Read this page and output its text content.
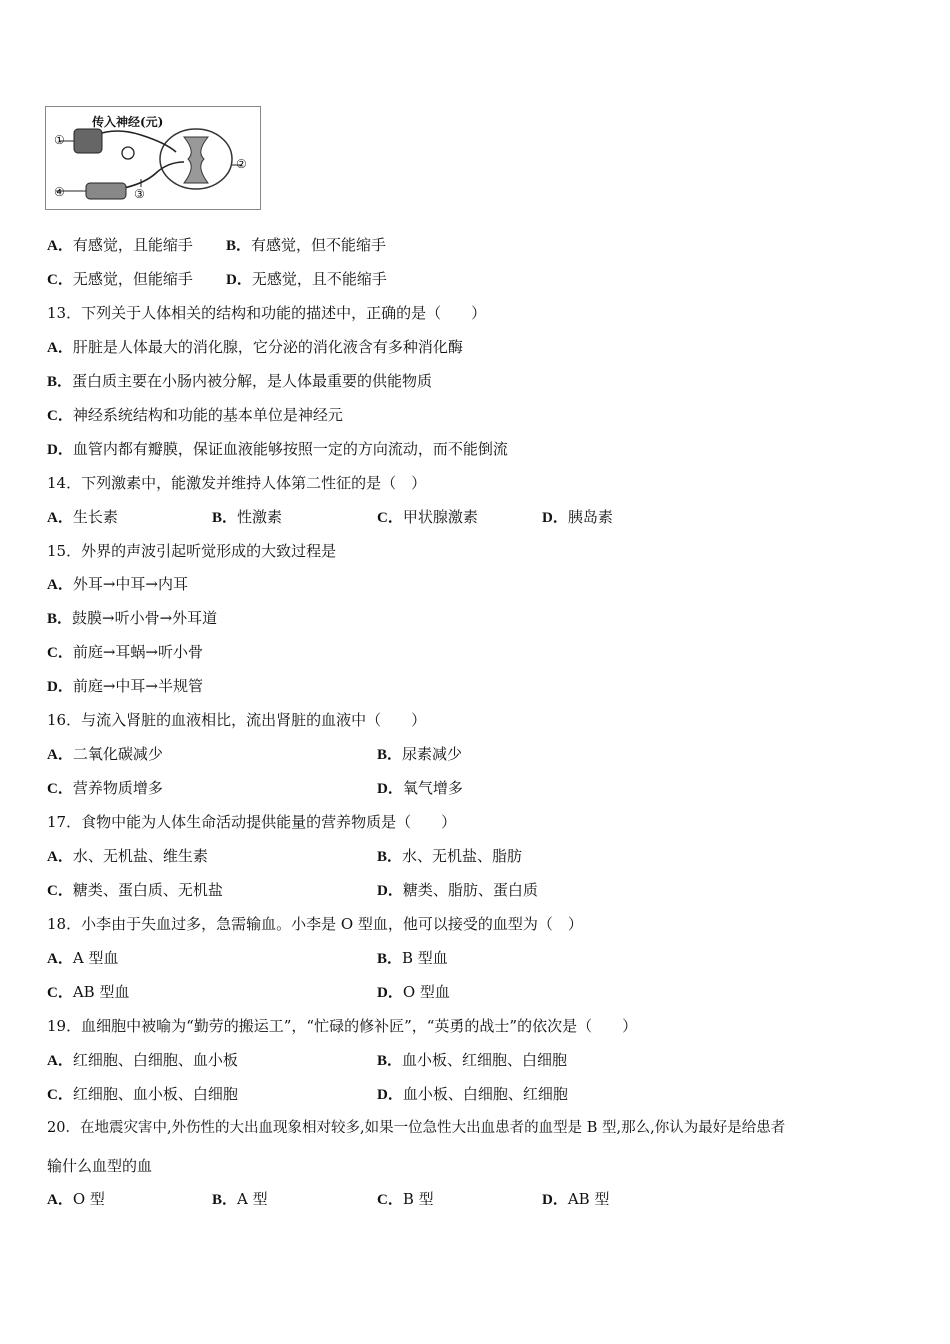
传入神经(元)
①
②
③
④
A．有感觉，且能缩手 B．有感觉，但不能缩手
C．无感觉，但能缩手 D．无感觉，且不能缩手
13．下列关于人体相关的结构和功能的描述中，正确的是（　　）
A．肝脏是人体最大的消化腺，它分泌的消化液含有多种消化酶
B．蛋白质主要在小肠内被分解，是人体最重要的供能物质
C．神经系统结构和功能的基本单位是神经元
D．血管内都有瓣膜，保证血液能够按照一定的方向流动，而不能倒流
14．下列激素中，能激发并维持人体第二性征的是（　）
A．生长素	B．性激素	C．甲状腺激素	D．胰岛素
15．外界的声波引起听觉形成的大致过程是
A．外耳→中耳→内耳
B．鼓膜→听小骨→外耳道
C．前庭→耳蜗→听小骨
D．前庭→中耳→半规管
16．与流入肾脏的血液相比，流出肾脏的血液中（　　）
A．二氧化碳减少	B．尿素减少
C．营养物质增多	D．氧气增多
17．食物中能为人体生命活动提供能量的营养物质是（　　）
A．水、无机盐、维生素	B．水、无机盐、脂肪
C．糖类、蛋白质、无机盐	D．糖类、脂肪、蛋白质
18．小李由于失血过多，急需输血。小李是 O 型血，他可以接受的血型为（　）
A．A 型血	B．B 型血
C．AB 型血	D．O 型血
19．血细胞中被喻为“勤劳的搬运工”，“忙碌的修补匠”，“英勇的战士”的依次是（　　）
A．红细胞、白细胞、血小板	B．血小板、红细胞、白细胞
C．红细胞、血小板、白细胞	D．血小板、白细胞、红细胞
20．在地震灾害中,外伤性的大出血现象相对较多,如果一位急性大出血患者的血型是 B 型,那么,你认为最好是给患者
输什么血型的血
A．O 型	B．A 型	C．B 型	D．AB 型
